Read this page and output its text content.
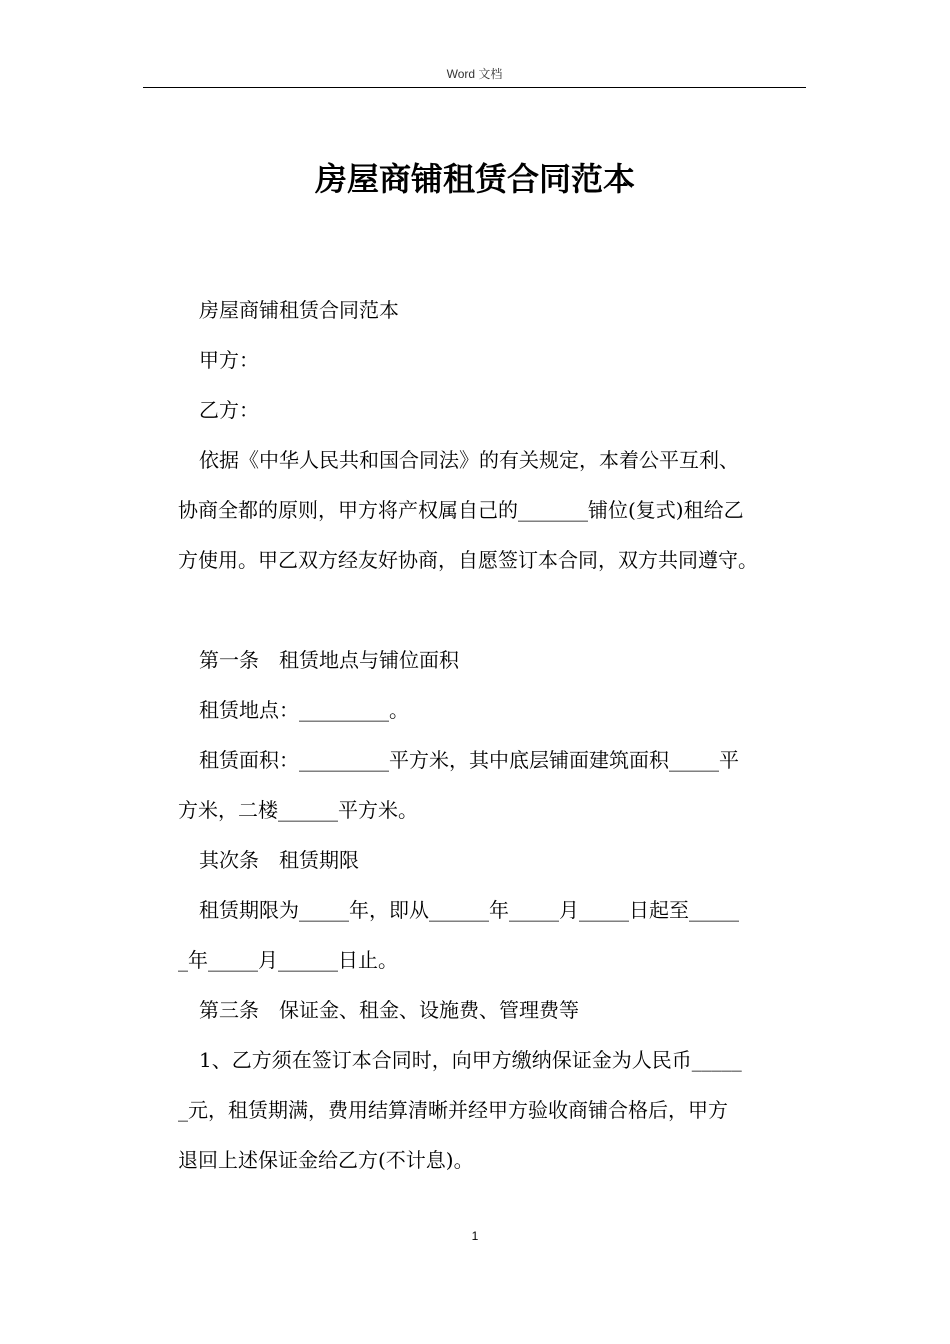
Word 文档
房屋商铺租赁合同范本

房屋商铺租赁合同范本

甲方：

乙方：

依据《中华人民共和国合同法》的有关规定，本着公平互利、

协商全都的原则，甲方将产权属自己的_______铺位(复式)租给乙

方使用。甲乙双方经友好协商，自愿签订本合同，双方共同遵守。

第一条　租赁地点与铺位面积

租赁地点：_________。

租赁面积：_________平方米，其中底层铺面建筑面积_____平

方米，二楼______平方米。

其次条　租赁期限

租赁期限为_____年，即从______年_____月_____日起至_____

_年_____月______日止。

第三条　保证金、租金、设施费、管理费等

1、乙方须在签订本合同时，向甲方缴纳保证金为人民币_____

_元，租赁期满，费用结算清晰并经甲方验收商铺合格后，甲方

退回上述保证金给乙方(不计息)。

1
